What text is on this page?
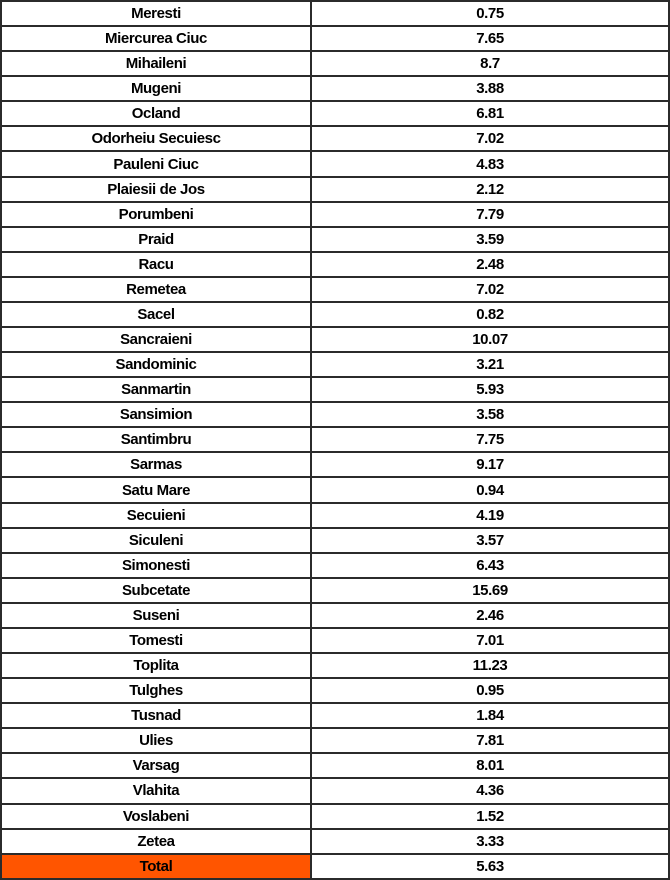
Meresti	0.75
Miercurea Ciuc	7.65
Mihaileni	8.7
Mugeni	3.88
Ocland	6.81
Odorheiu Secuiesc	7.02
Pauleni Ciuc	4.83
Plaiesii de Jos	2.12
Porumbeni	7.79
Praid	3.59
Racu	2.48
Remetea	7.02
Sacel	0.82
Sancraieni	10.07
Sandominic	3.21
Sanmartin	5.93
Sansimion	3.58
Santimbru	7.75
Sarmas	9.17
Satu Mare	0.94
Secuieni	4.19
Siculeni	3.57
Simonesti	6.43
Subcetate	15.69
Suseni	2.46
Tomesti	7.01
Toplita	11.23
Tulghes	0.95
Tusnad	1.84
Ulies	7.81
Varsag	8.01
Vlahita	4.36
Voslabeni	1.52
Zetea	3.33
Total	5.63
